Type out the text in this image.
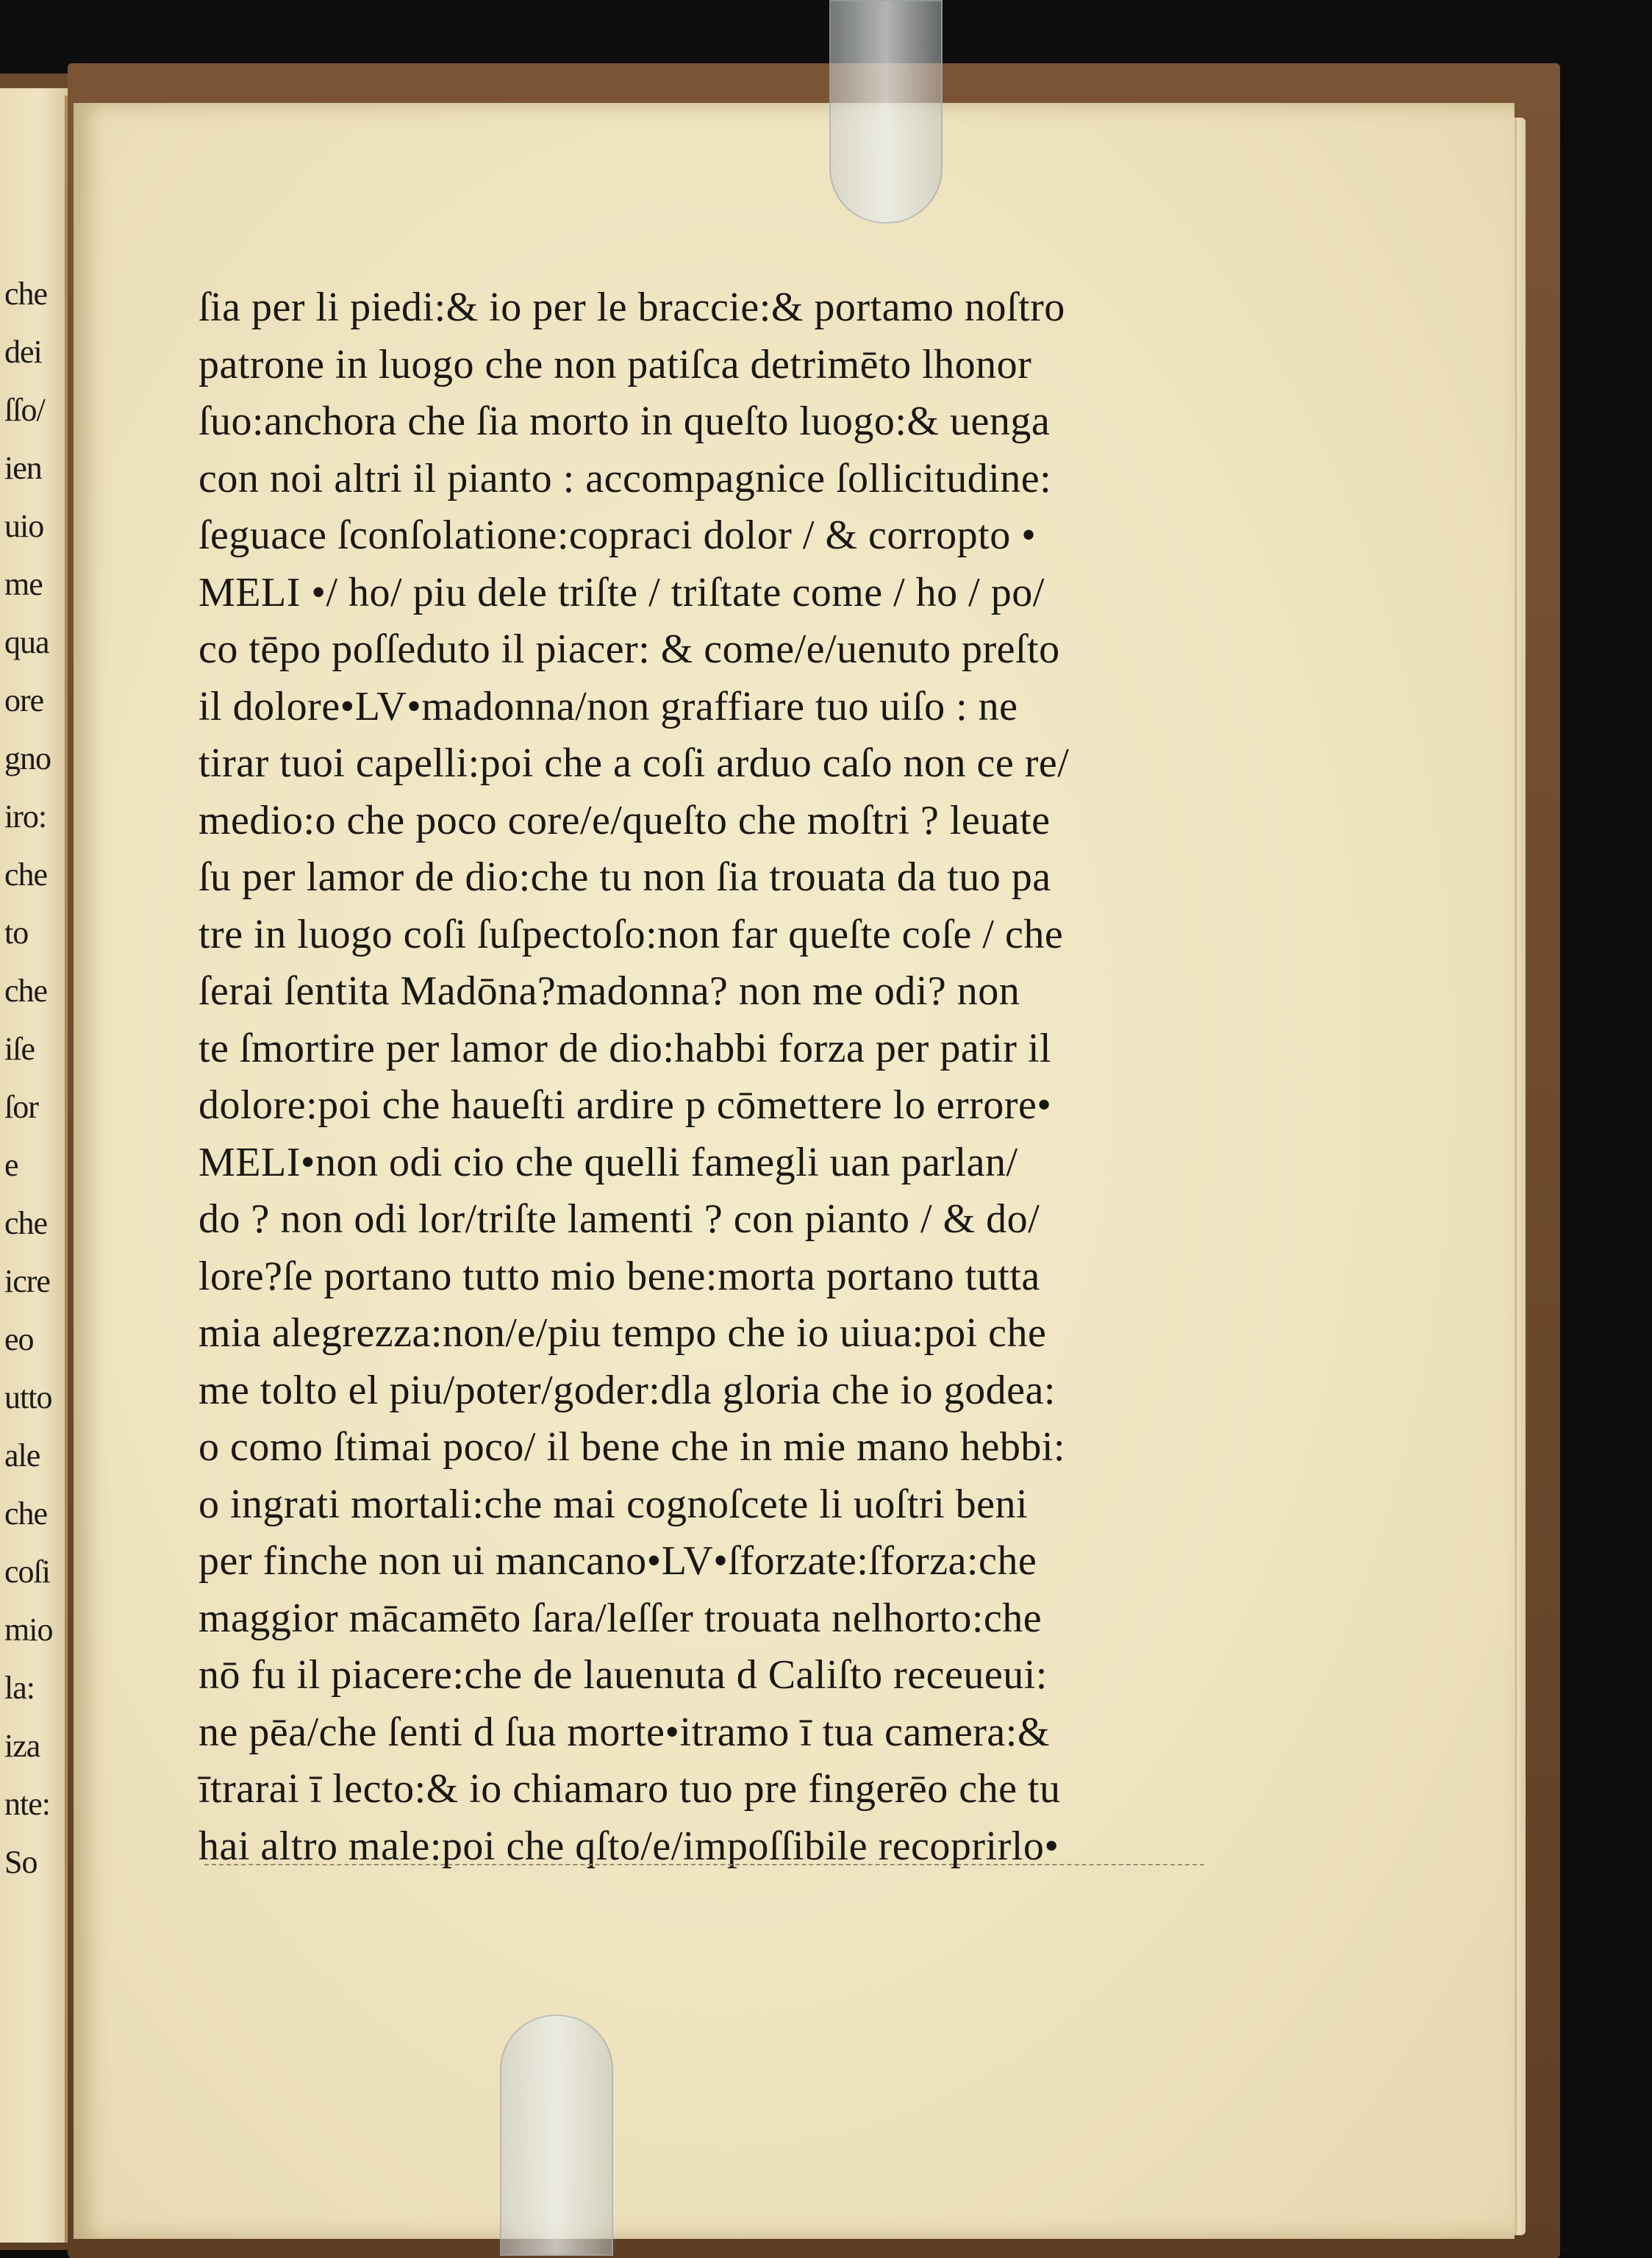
che
dei
ſſo/
ien
uio
me
qua
ore
gno
iro:
che
to
che
iſe
ſor
e
che
icre
eo
utto
ale
che
coſi
mio
la:
iza
nte:
So
ſia per li piedi:& io per le braccie:& portamo noſtro
patrone in luogo che non patiſca detrimēto lhonor
ſuo:anchora che ſia morto in queſto luogo:& uenga
con noi altri il pianto : accompagnice ſollicitudine:
ſeguace ſconſolatione:copraci dolor / & corropto •
MELI •/ ho/ piu dele triſte / triſtate come / ho / po/
co tēpo poſſeduto il piacer: & come/e/uenuto preſto
il dolore•LV•madonna/non graffiare tuo uiſo : ne
tirar tuoi capelli:poi che a coſi arduo caſo non ce re/
medio:o che poco core/e/queſto che moſtri ? leuate
ſu per lamor de dio:che tu non ſia trouata da tuo pa
tre in luogo coſi ſuſpectoſo:non far queſte coſe / che
ſerai ſentita Madōna?madonna? non me odi? non
te ſmortire per lamor de dio:habbi forza per patir il
dolore:poi che haueſti ardire p cōmettere lo errore•
MELI•non odi cio che quelli famegli uan parlan/
do ? non odi lor/triſte lamenti ? con pianto / & do/
lore?ſe portano tutto mio bene:morta portano tutta
mia alegrezza:non/e/piu tempo che io uiua:poi che
me tolto el piu/poter/goder:dla gloria che io godea:
o como ſtimai poco/ il bene che in mie mano hebbi:
o ingrati mortali:che mai cognoſcete li uoſtri beni
per finche non ui mancano•LV•ſforzate:ſforza:che
maggior mācamēto ſara/leſſer trouata nelhorto:che
nō fu il piacere:che de lauenuta d Caliſto receueui:
ne pēa/che ſenti d ſua morte•itramo ī tua camera:&
ītrarai ī lecto:& io chiamaro tuo pre fingerēo che tu
hai altro male:poi che qſto/e/impoſſibile recoprirlo•
